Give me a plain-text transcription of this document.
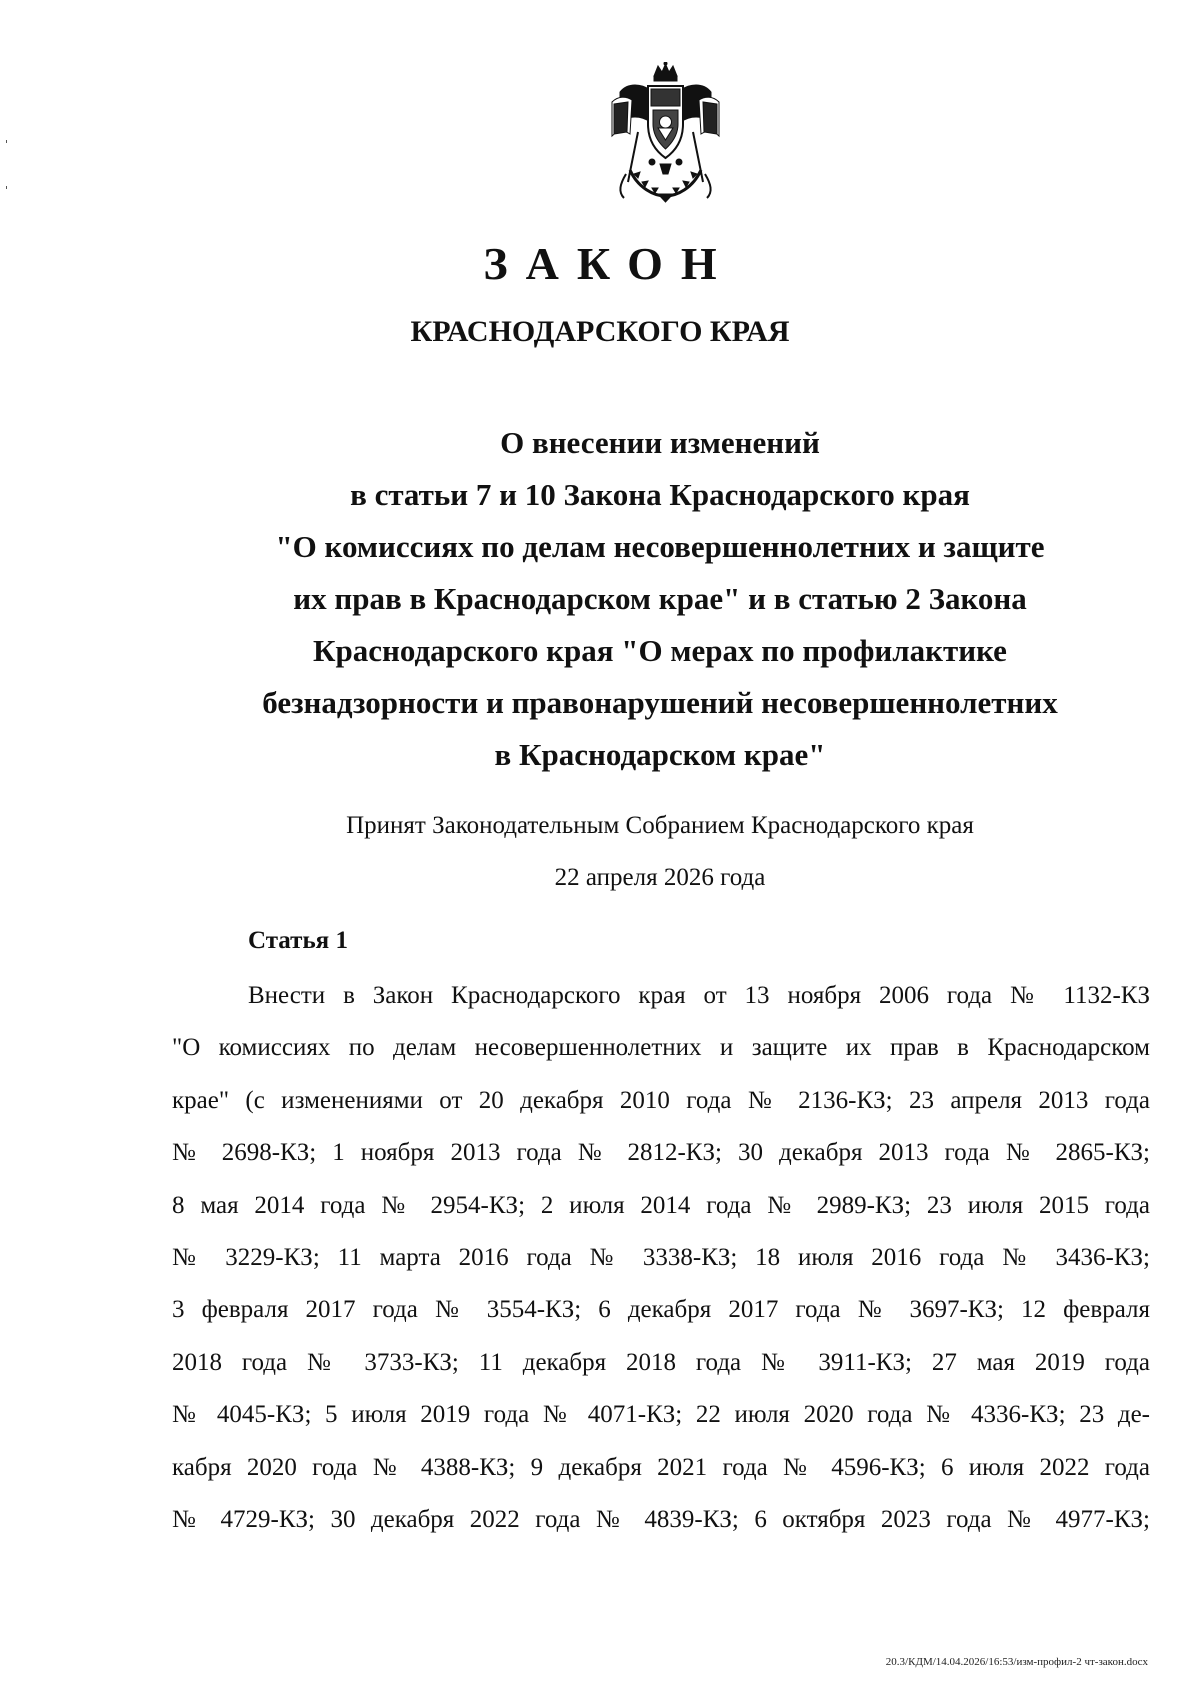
ЗАКОН
КРАСНОДАРСКОГО КРАЯ
О внесении изменений
в статьи 7 и 10 Закона Краснодарского края
"О комиссиях по делам несовершеннолетних и защите
их прав в Краснодарском крае" и в статью 2 Закона
Краснодарского края "О мерах по профилактике
безнадзорности и правонарушений несовершеннолетних
в Краснодарском крае"
Принят Законодательным Собранием Краснодарского края
22 апреля 2026 года
Статья 1
Внести в Закон Краснодарского края от 13 ноября 2006 года № 1132-КЗ
"О комиссиях по делам несовершеннолетних и защите их прав в Краснодарском
крае" (с изменениями от 20 декабря 2010 года № 2136-КЗ; 23 апреля 2013 года
№ 2698-КЗ; 1 ноября 2013 года № 2812-КЗ; 30 декабря 2013 года № 2865-КЗ;
8 мая 2014 года № 2954-КЗ; 2 июля 2014 года № 2989-КЗ; 23 июля 2015 года
№ 3229-КЗ; 11 марта 2016 года № 3338-КЗ; 18 июля 2016 года № 3436-КЗ;
3 февраля 2017 года № 3554-КЗ; 6 декабря 2017 года № 3697-КЗ; 12 февраля
2018 года № 3733-КЗ; 11 декабря 2018 года № 3911-КЗ; 27 мая 2019 года
№ 4045-КЗ; 5 июля 2019 года № 4071-КЗ; 22 июля 2020 года № 4336-КЗ; 23 де-
кабря 2020 года № 4388-КЗ; 9 декабря 2021 года № 4596-КЗ; 6 июля 2022 года
№ 4729-КЗ; 30 декабря 2022 года № 4839-КЗ; 6 октября 2023 года № 4977-КЗ;
20.3/КДМ/14.04.2026/16:53/изм-профил-2 чт-закон.docx
